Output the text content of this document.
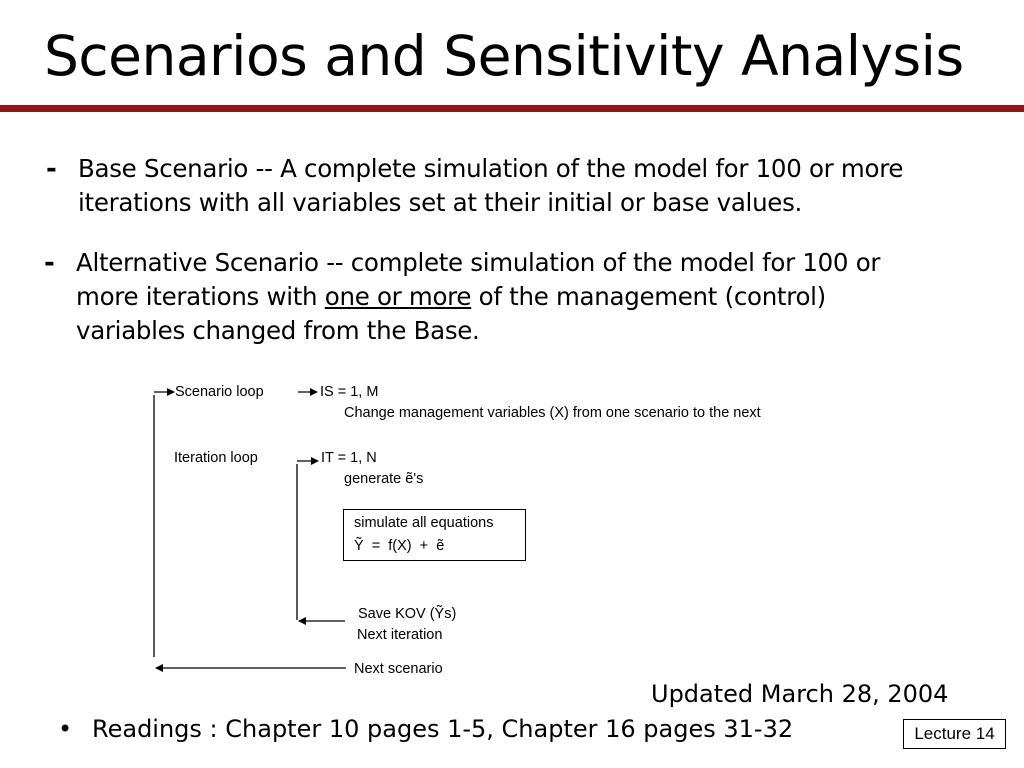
Scenarios and Sensitivity Analysis
- Base Scenario -- A complete simulation of the model for 100 or more
iterations with all variables set at their initial or base values.
- Alternative Scenario -- complete simulation of the model for 100 or
more iterations with one or more of the management (control)
variables changed from the Base.
Scenario loop	IS = 1, M
Change management variables (X) from one scenario to the next
Iteration loop	IT = 1, N
generate ẽ's
simulate all equations
Ỹ  =  f(X)  +  ẽ
Save KOV (Ỹs)
Next iteration
Next scenario
Updated March 28, 2004
• Readings : Chapter 10 pages 1-5, Chapter 16 pages 31-32	Lecture 14
